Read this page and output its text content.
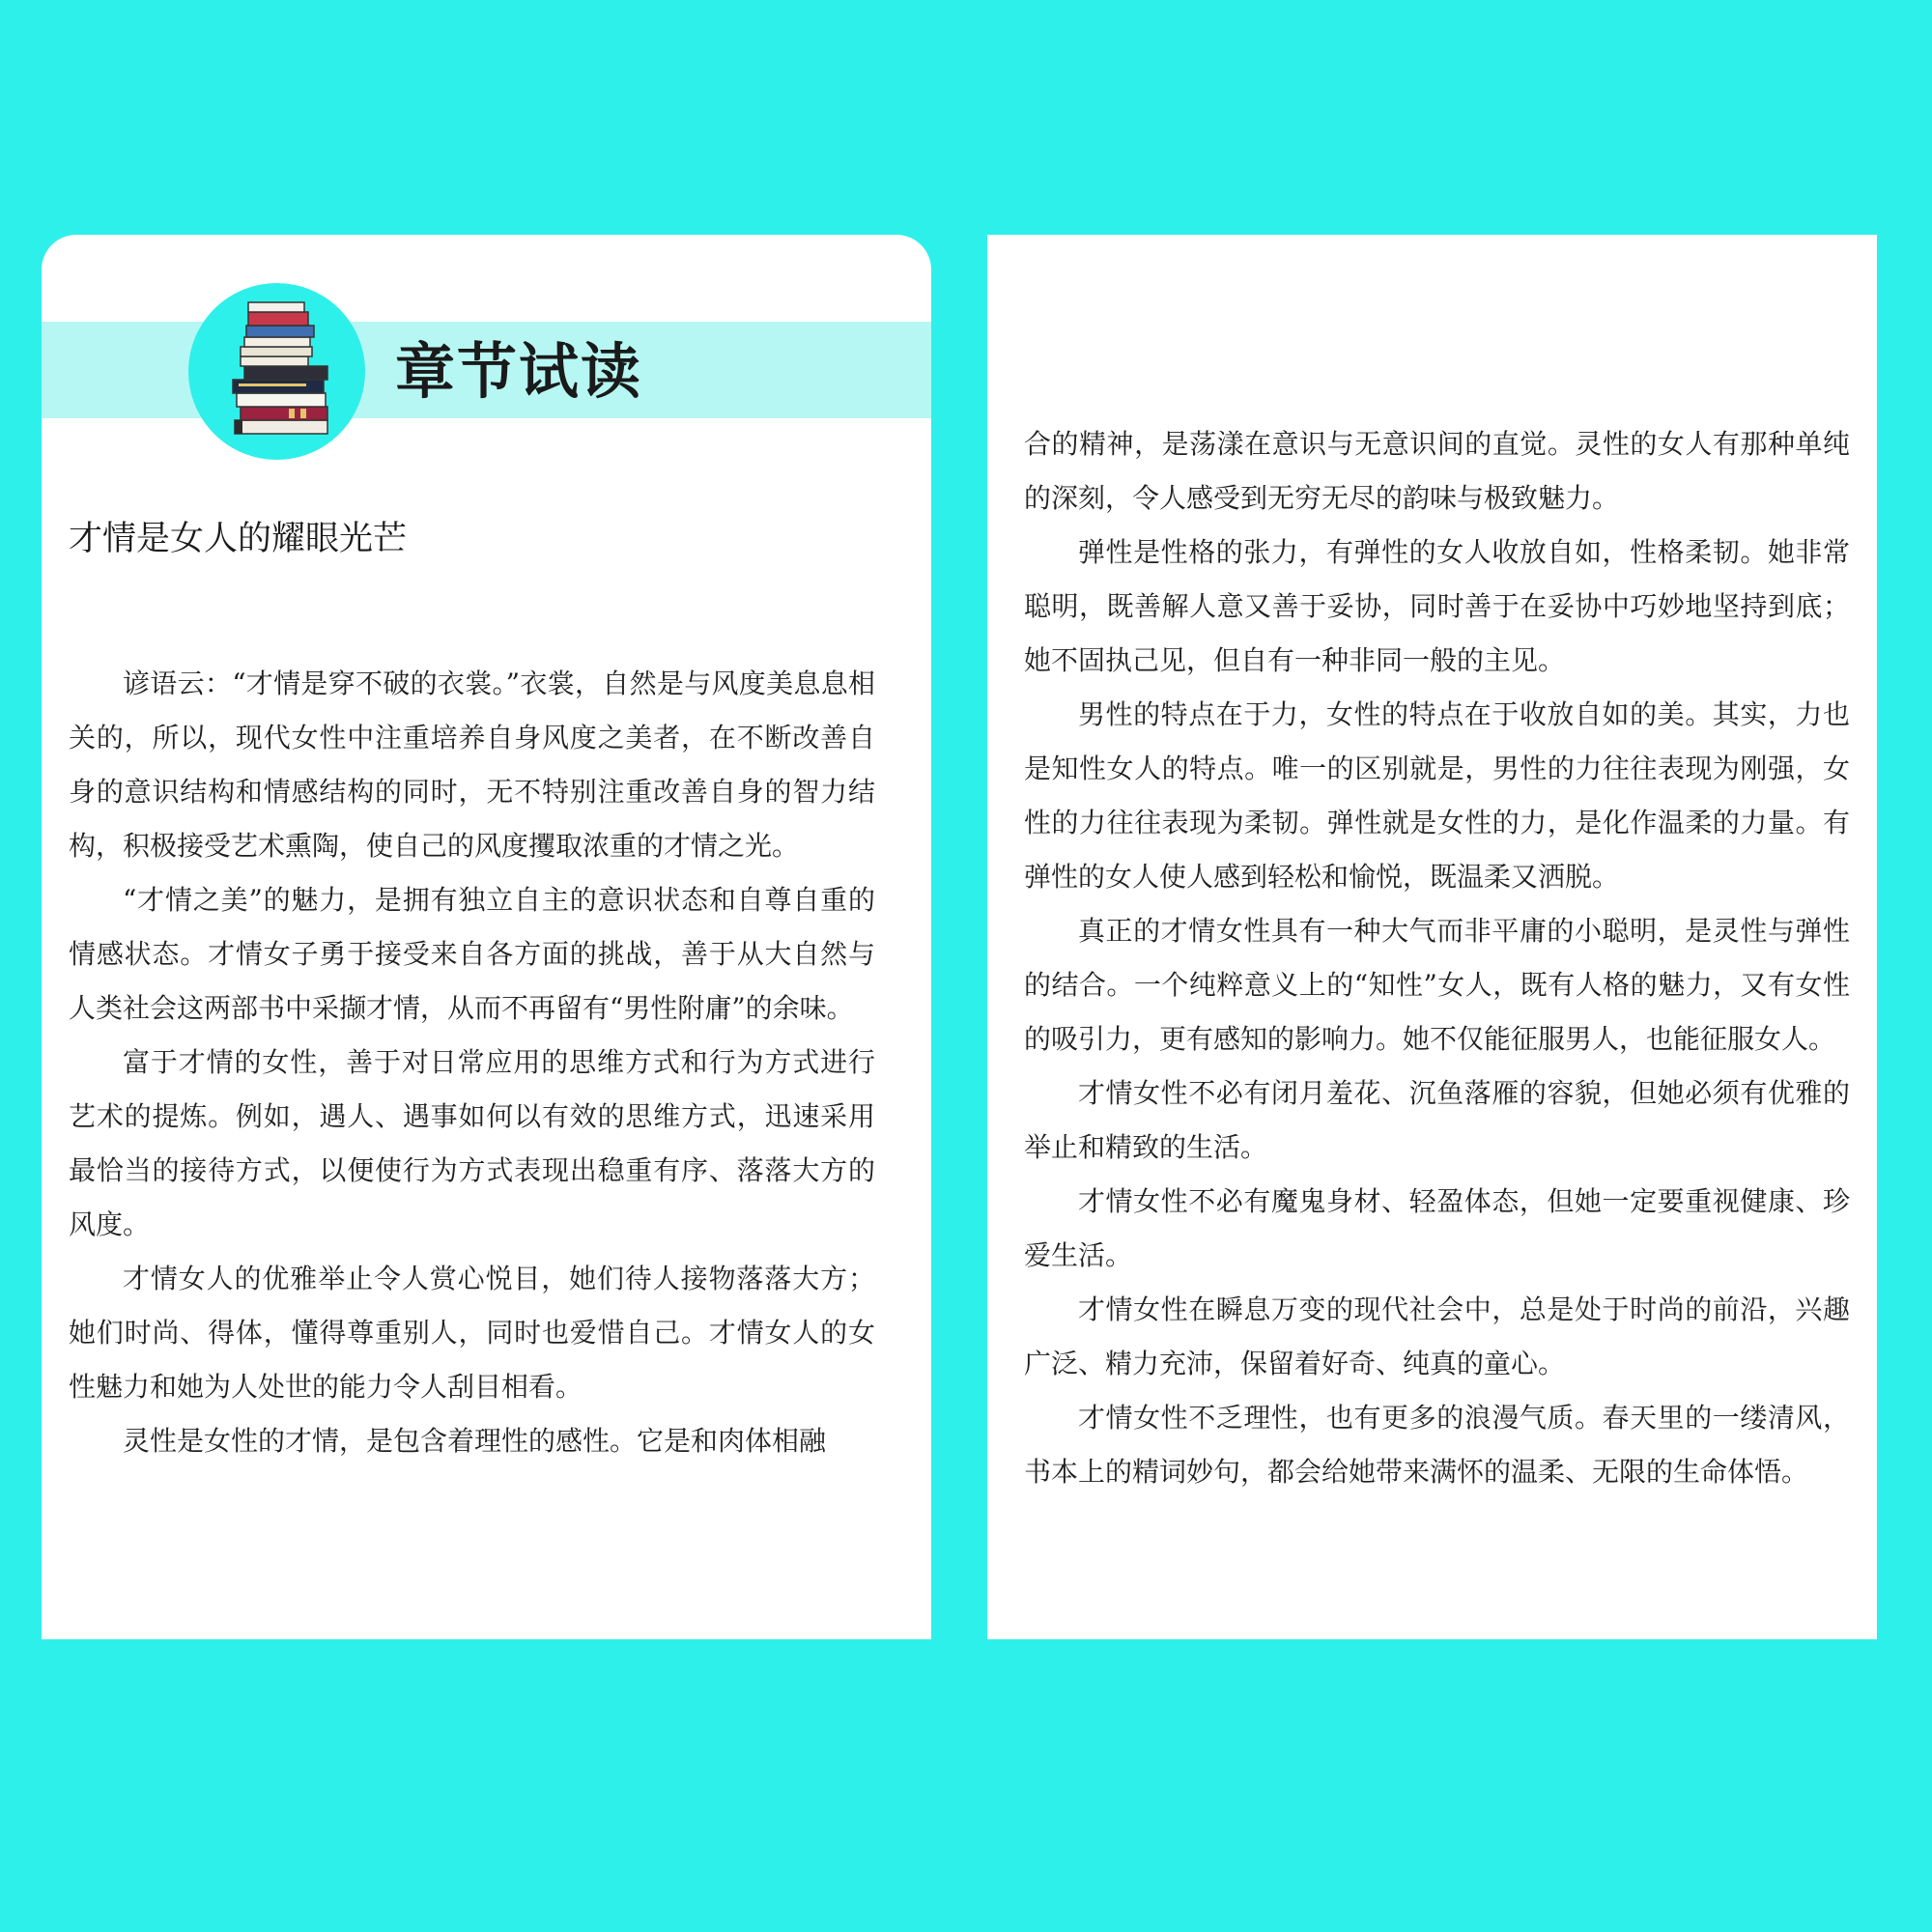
章节试读
才情是女人的耀眼光芒

谚语云：“才情是穿不破的衣裳。”衣裳，自然是与风度美息息相关的，所以，现代女性中注重培养自身风度之美者，在不断改善自身的意识结构和情感结构的同时，无不特别注重改善自身的智力结构，积极接受艺术熏陶，使自己的风度攫取浓重的才情之光。

“才情之美”的魅力，是拥有独立自主的意识状态和自尊自重的情感状态。才情女子勇于接受来自各方面的挑战，善于从大自然与人类社会这两部书中采撷才情，从而不再留有“男性附庸”的余味。

富于才情的女性，善于对日常应用的思维方式和行为方式进行艺术的提炼。例如，遇人、遇事如何以有效的思维方式，迅速采用最恰当的接待方式，以便使行为方式表现出稳重有序、落落大方的风度。

才情女人的优雅举止令人赏心悦目，她们待人接物落落大方；她们时尚、得体，懂得尊重别人，同时也爱惜自己。才情女人的女性魅力和她为人处世的能力令人刮目相看。

灵性是女性的才情，是包含着理性的感性。它是和肉体相融

合的精神，是荡漾在意识与无意识间的直觉。灵性的女人有那种单纯的深刻，令人感受到无穷无尽的韵味与极致魅力。

弹性是性格的张力，有弹性的女人收放自如，性格柔韧。她非常聪明，既善解人意又善于妥协，同时善于在妥协中巧妙地坚持到底；她不固执己见，但自有一种非同一般的主见。

男性的特点在于力，女性的特点在于收放自如的美。其实，力也是知性女人的特点。唯一的区别就是，男性的力往往表现为刚强，女性的力往往表现为柔韧。弹性就是女性的力，是化作温柔的力量。有弹性的女人使人感到轻松和愉悦，既温柔又洒脱。

真正的才情女性具有一种大气而非平庸的小聪明，是灵性与弹性的结合。一个纯粹意义上的“知性”女人，既有人格的魅力，又有女性的吸引力，更有感知的影响力。她不仅能征服男人，也能征服女人。

才情女性不必有闭月羞花、沉鱼落雁的容貌，但她必须有优雅的举止和精致的生活。

才情女性不必有魔鬼身材、轻盈体态，但她一定要重视健康、珍爱生活。

才情女性在瞬息万变的现代社会中，总是处于时尚的前沿，兴趣广泛、精力充沛，保留着好奇、纯真的童心。

才情女性不乏理性，也有更多的浪漫气质。春天里的一缕清风，书本上的精词妙句，都会给她带来满怀的温柔、无限的生命体悟。
